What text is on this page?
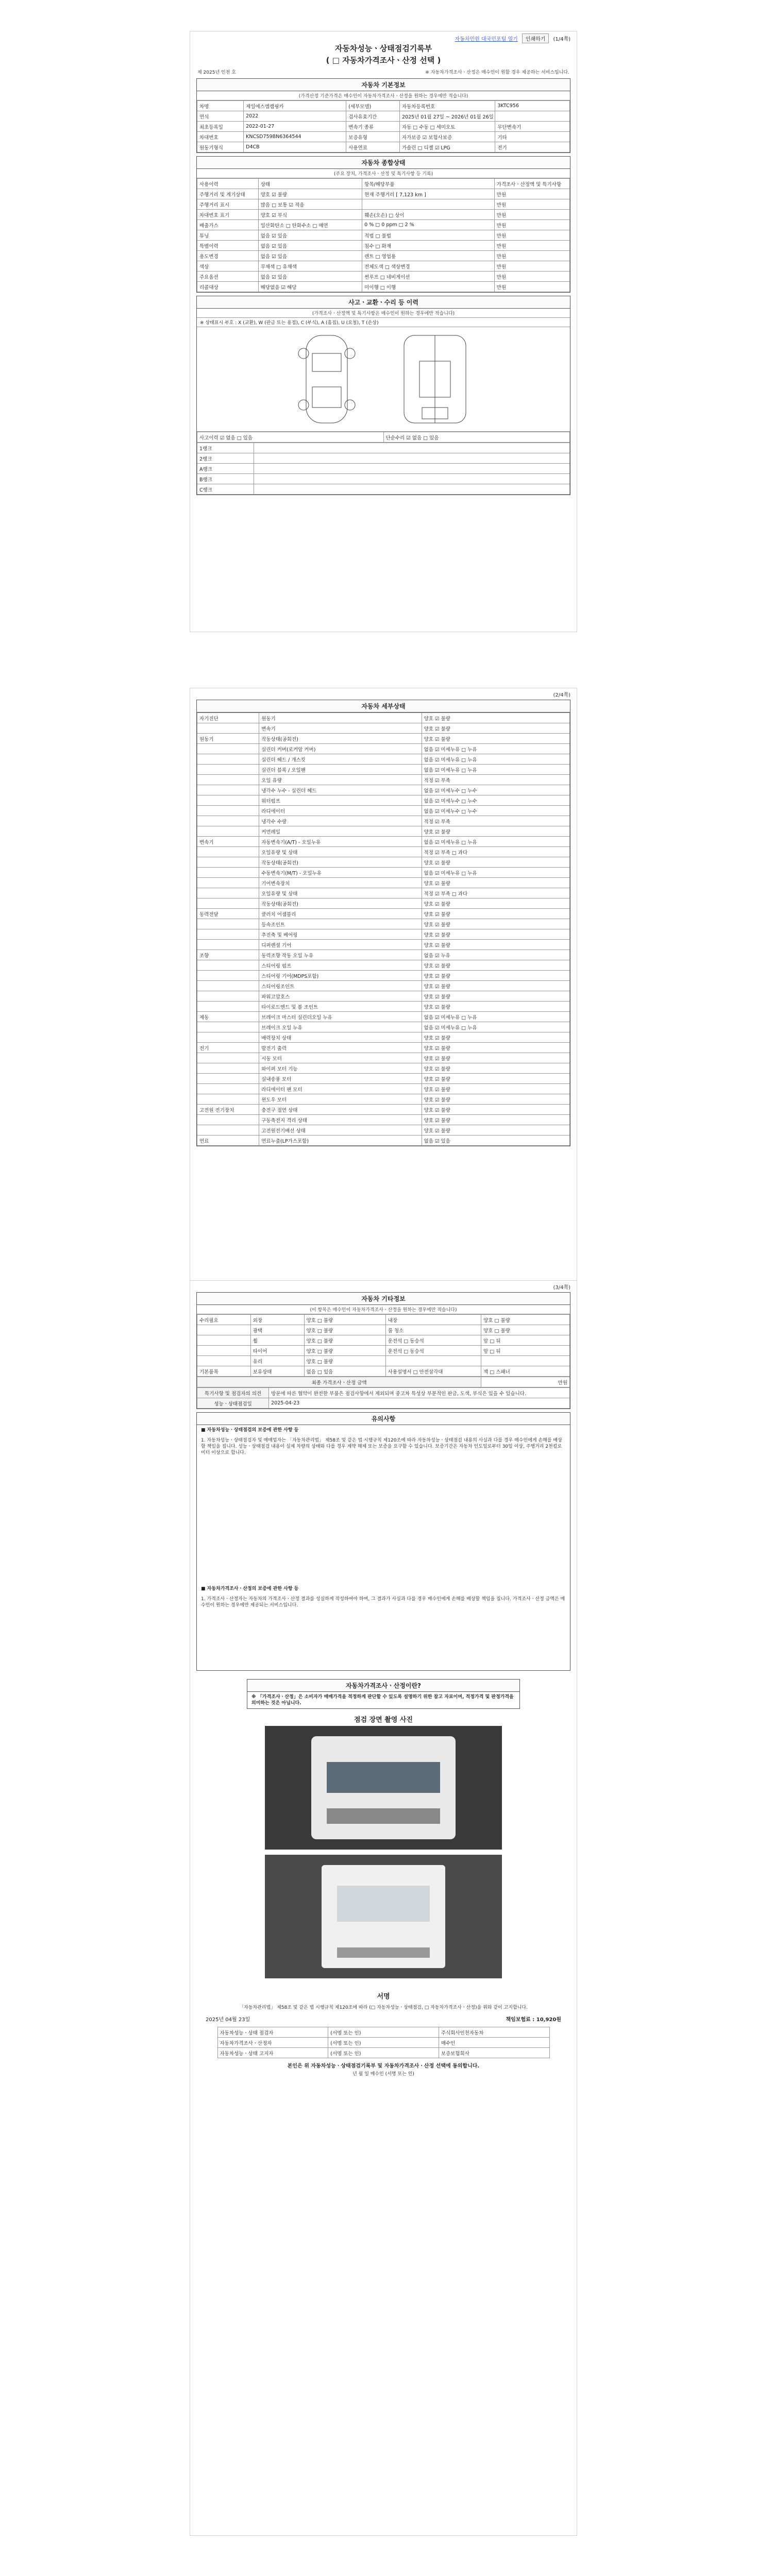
자동차민원 대국민포털 열기	인쇄하기	(1/4쪽)
자동차성능ㆍ상태점검기록부
( □ 자동차가격조사ㆍ산정 선택 )
제 2025년 인천 호	※ 자동차가격조사ㆍ산정은 매수인이 원할 경우 제공하는 서비스입니다.
자동차 기본정보
(가격산정 기준가격은 매수인이 자동차가격조사ㆍ산정을 원하는 경우에만 적습니다)
차명	제일에스엠캠핑카	(세부모델)	자동차등록번호	3KTC956
연식	2022	검사유효기간	2025년 01월 27일 ~ 2026년 01월 26일	
최초등록일	2022-01-27	변속기 종류	자동 □ 수동 □ 세미오토	무단변속기
차대번호	KNCSD759BN6364544	보증유형	자가보증 ☑ 보험사보증	기타
원동기형식	D4CB	사용연료	가솔린 □ 디젤 ☑ LPG	전기
자동차 종합상태
(주요 장치, 가격조사ㆍ산정 및 특기사항 등 기록)
사용이력	상태	항목/해당부품	가격조사ㆍ산정액 및 특기사항
주행거리 및 계기상태	양호 ☑ 불량	현재 주행거리 [ 7,123 km ]	만원
주행거리 표시	많음 □ 보통 ☑ 적음		만원
차대번호 표기	양호 ☑ 부식	훼손(오손) □ 상이	만원
배출가스	일산화탄소 □ 탄화수소 □ 매연	0 % □ 0 ppm □ 2 %	만원
튜닝	없음 ☑ 있음	적법 □ 불법	만원
특별이력	없음 ☑ 있음	침수 □ 화재	만원
용도변경	없음 ☑ 있음	렌트 □ 영업용	만원
색상	무채색 □ 유채색	전체도색 □ 색상변경	만원
주요옵션	없음 ☑ 있음	썬루프 □ 네비게이션	만원
리콜대상	해당없음 ☑ 해당	미이행 □ 이행	만원
사고ㆍ교환ㆍ수리 등 이력
(가격조사ㆍ산정액 및 특기사항은 매수인이 원하는 경우에만 적습니다)
※ 상태표시 부호 : X (교환), W (판금 또는 용접), C (부식), A (흠집), U (요철), T (손상)
사고이력 ☑ 없음 □ 있음	단순수리 ☑ 없음 □ 있음
1랭크	
2랭크	
A랭크	
B랭크	
C랭크	
(2/4쪽)
자동차 세부상태
자기진단	원동기	양호 ☑ 불량
	변속기	양호 ☑ 불량
원동기	작동상태(공회전)	양호 ☑ 불량
	실린더 커버(로커암 커버)	없음 ☑ 미세누유 □ 누유
	실린더 헤드 / 개스킷	없음 ☑ 미세누유 □ 누유
	실린더 블록 / 오일팬	없음 ☑ 미세누유 □ 누유
	오일 유량	적정 ☑ 부족
	냉각수 누수 - 실린더 헤드	없음 ☑ 미세누수 □ 누수
	워터펌프	없음 ☑ 미세누수 □ 누수
	라디에이터	없음 ☑ 미세누수 □ 누수
	냉각수 수량	적정 ☑ 부족
	커먼레일	양호 ☑ 불량
변속기	자동변속기(A/T) - 오일누유	없음 ☑ 미세누유 □ 누유
	오일유량 및 상태	적정 ☑ 부족 □ 과다
	작동상태(공회전)	양호 ☑ 불량
	수동변속기(M/T) - 오일누유	없음 ☑ 미세누유 □ 누유
	기어변속장치	양호 ☑ 불량
	오일유량 및 상태	적정 ☑ 부족 □ 과다
	작동상태(공회전)	양호 ☑ 불량
동력전달	클러치 어셈블리	양호 ☑ 불량
	등속조인트	양호 ☑ 불량
	추진축 및 베어링	양호 ☑ 불량
	디퍼렌셜 기어	양호 ☑ 불량
조향	동력조향 작동 오일 누유	없음 ☑ 누유
	스티어링 펌프	양호 ☑ 불량
	스티어링 기어(MDPS포함)	양호 ☑ 불량
	스티어링조인트	양호 ☑ 불량
	파워고압호스	양호 ☑ 불량
	타이로드엔드 및 볼 조인트	양호 ☑ 불량
제동	브레이크 마스터 실린더오일 누유	없음 ☑ 미세누유 □ 누유
	브레이크 오일 누유	없음 ☑ 미세누유 □ 누유
	배력장치 상태	양호 ☑ 불량
전기	발전기 출력	양호 ☑ 불량
	시동 모터	양호 ☑ 불량
	와이퍼 모터 기능	양호 ☑ 불량
	실내송풍 모터	양호 ☑ 불량
	라디에이터 팬 모터	양호 ☑ 불량
	윈도우 모터	양호 ☑ 불량
고전원 전기장치	충전구 절연 상태	양호 ☑ 불량
	구동축전지 격리 상태	양호 ☑ 불량
	고전원전기배선 상태	양호 ☑ 불량
연료	연료누출(LP가스포함)	없음 ☑ 있음
(3/4쪽)
자동차 기타정보
(이 항목은 매수인이 자동차가격조사ㆍ산정을 원하는 경우에만 적습니다)
수리필요	외장	양호 □ 불량	내장	양호 □ 불량
	광택	양호 □ 불량	룸 청소	양호 □ 불량
	휠	양호 □ 불량	운전석 □ 동승석	앞 □ 뒤
	타이어	양호 □ 불량	운전석 □ 동승석	앞 □ 뒤
	유리	양호 □ 불량		
기본품목	보유상태	없음 □ 있음	사용설명서 □ 안전삼각대	잭 □ 스패너
최종 가격조사ㆍ산정 금액	만원
특기사항 및 점검자의 의견	방문에 따른 협약이 완전한 부품은 점검사항에서 제외되며 중고차 특성상 부분적인 판금, 도색, 부식은 있을 수 있습니다.
성능ㆍ상태점검일	2025-04-23
유의사항
■ 자동차성능ㆍ상태점검의 보증에 관한 사항 등
1. 자동차성능ㆍ상태점검자 및 매매업자는 「자동차관리법」 제58조 및 같은 법 시행규칙 제120조에 따라 자동차성능ㆍ상태점검 내용의 사실과 다를 경우 매수인에게 손해를 배상할 책임을 집니다. 성능ㆍ상태점검 내용이 실제 차량의 상태와 다를 경우 계약 해제 또는 보증을 요구할 수 있습니다. 보증기간은 자동차 인도일로부터 30일 이상, 주행거리 2천킬로미터 이상으로 합니다.
■ 자동차가격조사ㆍ산정의 보증에 관한 사항 등
1. 가격조사ㆍ산정자는 자동차의 가격조사ㆍ산정 결과를 성실하게 작성하여야 하며, 그 결과가 사실과 다를 경우 매수인에게 손해를 배상할 책임을 집니다. 가격조사ㆍ산정 금액은 매수인이 원하는 경우에만 제공되는 서비스입니다.
자동차가격조사ㆍ산정이란?
※ 「가격조사ㆍ산정」은 소비자가 매매가격을 적정하게 판단할 수 있도록 설명하기 위한 참고 자료이며, 적정가격 및 판정가격을 의미하는 것은 아닙니다.
점검 장면 촬영 사진
서명
「자동차관리법」 제58조 및 같은 법 시행규칙 제120조에 따라 (□ 자동차성능ㆍ상태점검, □ 자동차가격조사ㆍ산정)을 위와 같이 고지합니다.
2025년 04월 23일	책임보험료 : 10,920원
자동차성능ㆍ상태 점검자	(서명 또는 인)	주식회사인천자동차
자동차가격조사ㆍ산정자	(서명 또는 인)	매수인
자동차성능ㆍ상태 고지자	(서명 또는 인)	보증보험회사
본인은 위 자동차성능ㆍ상태점검기록부 및 자동차가격조사ㆍ산정 선택에 동의합니다.
년 월 일 매수인 (서명 또는 인)
